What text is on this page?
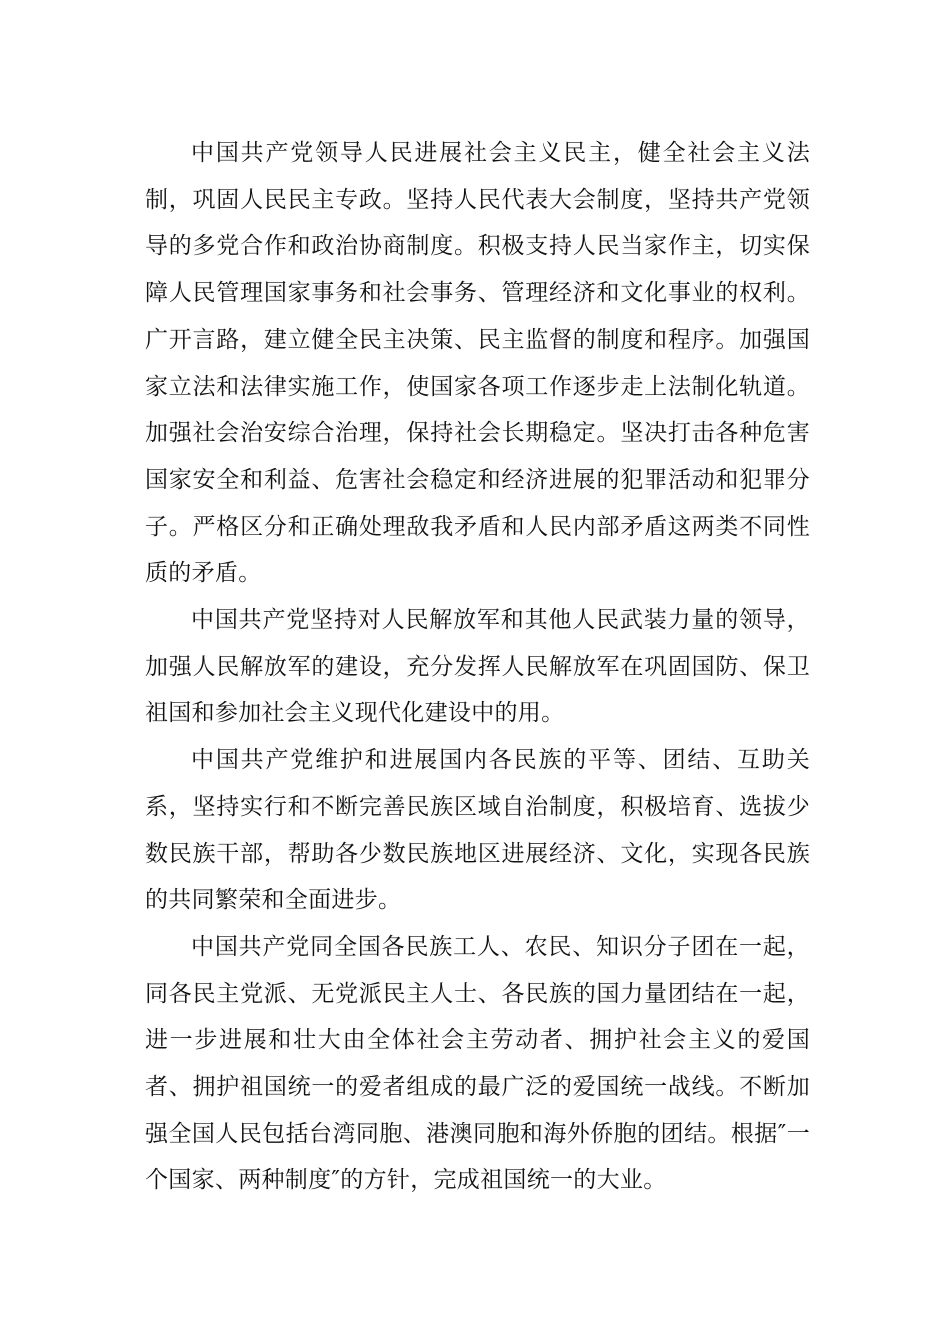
中国共产党领导人民进展社会主义民主，健全社会主义法制，巩固人民民主专政。坚持人民代表大会制度，坚持共产党领导的多党合作和政治协商制度。积极支持人民当家作主，切实保障人民管理国家事务和社会事务、管理经济和文化事业的权利。广开言路，建立健全民主决策、民主监督的制度和程序。加强国家立法和法律实施工作，使国家各项工作逐步走上法制化轨道。加强社会治安综合治理，保持社会长期稳定。坚决打击各种危害国家安全和利益、危害社会稳定和经济进展的犯罪活动和犯罪分子。严格区分和正确处理敌我矛盾和人民内部矛盾这两类不同性质的矛盾。

中国共产党坚持对人民解放军和其他人民武装力量的领导，加强人民解放军的建设，充分发挥人民解放军在巩固国防、保卫祖国和参加社会主义现代化建设中的用。

中国共产党维护和进展国内各民族的平等、团结、互助关系，坚持实行和不断完善民族区域自治制度，积极培育、选拔少数民族干部，帮助各少数民族地区进展经济、文化，实现各民族的共同繁荣和全面进步。

中国共产党同全国各民族工人、农民、知识分子团在一起，同各民主党派、无党派民主人士、各民族的国力量团结在一起，进一步进展和壮大由全体社会主劳动者、拥护社会主义的爱国者、拥护祖国统一的爱者组成的最广泛的爱国统一战线。不断加强全国人民包括台湾同胞、港澳同胞和海外侨胞的团结。根据″一个国家、两种制度″的方针，完成祖国统一的大业。
